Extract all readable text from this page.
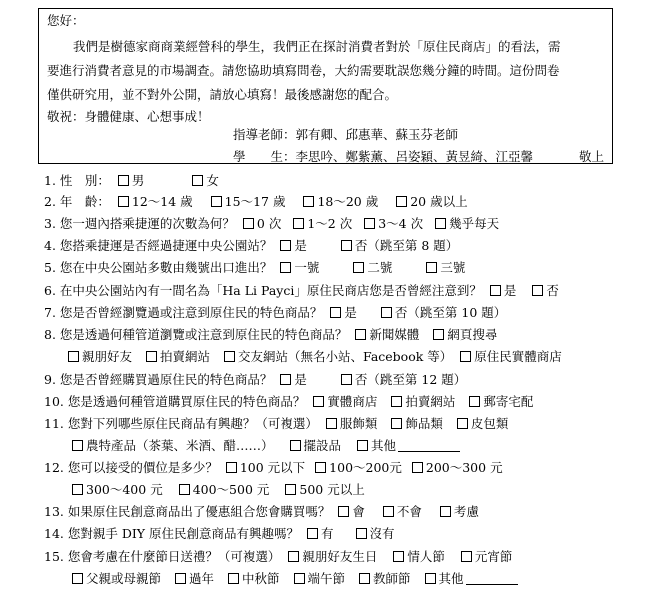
您好：
我們是樹德家商商業經營科的學生，我們正在探討消費者對於「原住民商店」的看法，需
要進行消費者意見的市場調查。請您協助填寫問卷，大約需要耽誤您幾分鐘的時間。這份問卷
僅供研究用，並不對外公開，請放心填寫！最後感謝您的配合。
敬祝：身體健康、心想事成！
指導老師：郭有卿、邱惠華、蘇玉芬老師
學　　生：李思吟、鄭紫薰、呂姿穎、黃昱綺、江亞馨	敬上
1. 性　別： 男	女
2. 年　齡： 12～14 歲	15～17 歲	18～20 歲	20 歲以上
3. 您一週內搭乘捷運的次數為何？ 0 次 1～2 次 3～4 次 幾乎每天
4. 您搭乘捷運是否經過捷運中央公園站？ 是	否（跳至第 8 題）
5. 您在中央公園站多數由幾號出口進出？ 一號	二號	三號
6. 在中央公園站內有一間名為「Ha Li Payci」原住民商店您是否曾經注意到？ 是 否
7. 您是否曾經瀏覽過或注意到原住民的特色商品？ 是	否（跳至第 10 題）
8. 您是透過何種管道瀏覽或注意到原住民的特色商品？ 新聞媒體 網頁搜尋
親朋好友 拍賣網站 交友網站（無名小站、Facebook 等） 原住民實體商店
9. 您是否曾經購買過原住民的特色商品？ 是	否（跳至第 12 題）
10. 您是透過何種管道購買原住民的特色商品？ 實體商店 拍賣網站 郵寄宅配
11. 您對下列哪些原住民商品有興趣？（可複選） 服飾類 飾品類 皮包類
農特產品（茶葉、米酒、醋……） 擺設品 其他
12. 您可以接受的價位是多少？ 100 元以下 100～200元 200～300 元
300～400 元 400～500 元 500 元以上
13. 如果原住民創意商品出了優惠組合您會購買嗎？ 會	不會	考慮
14. 您對親手 DIY 原住民創意商品有興趣嗎？ 有	沒有
15. 您會考慮在什麼節日送禮？（可複選） 親朋好友生日 情人節 元宵節
父親或母親節 過年 中秋節 端午節 教師節 其他
